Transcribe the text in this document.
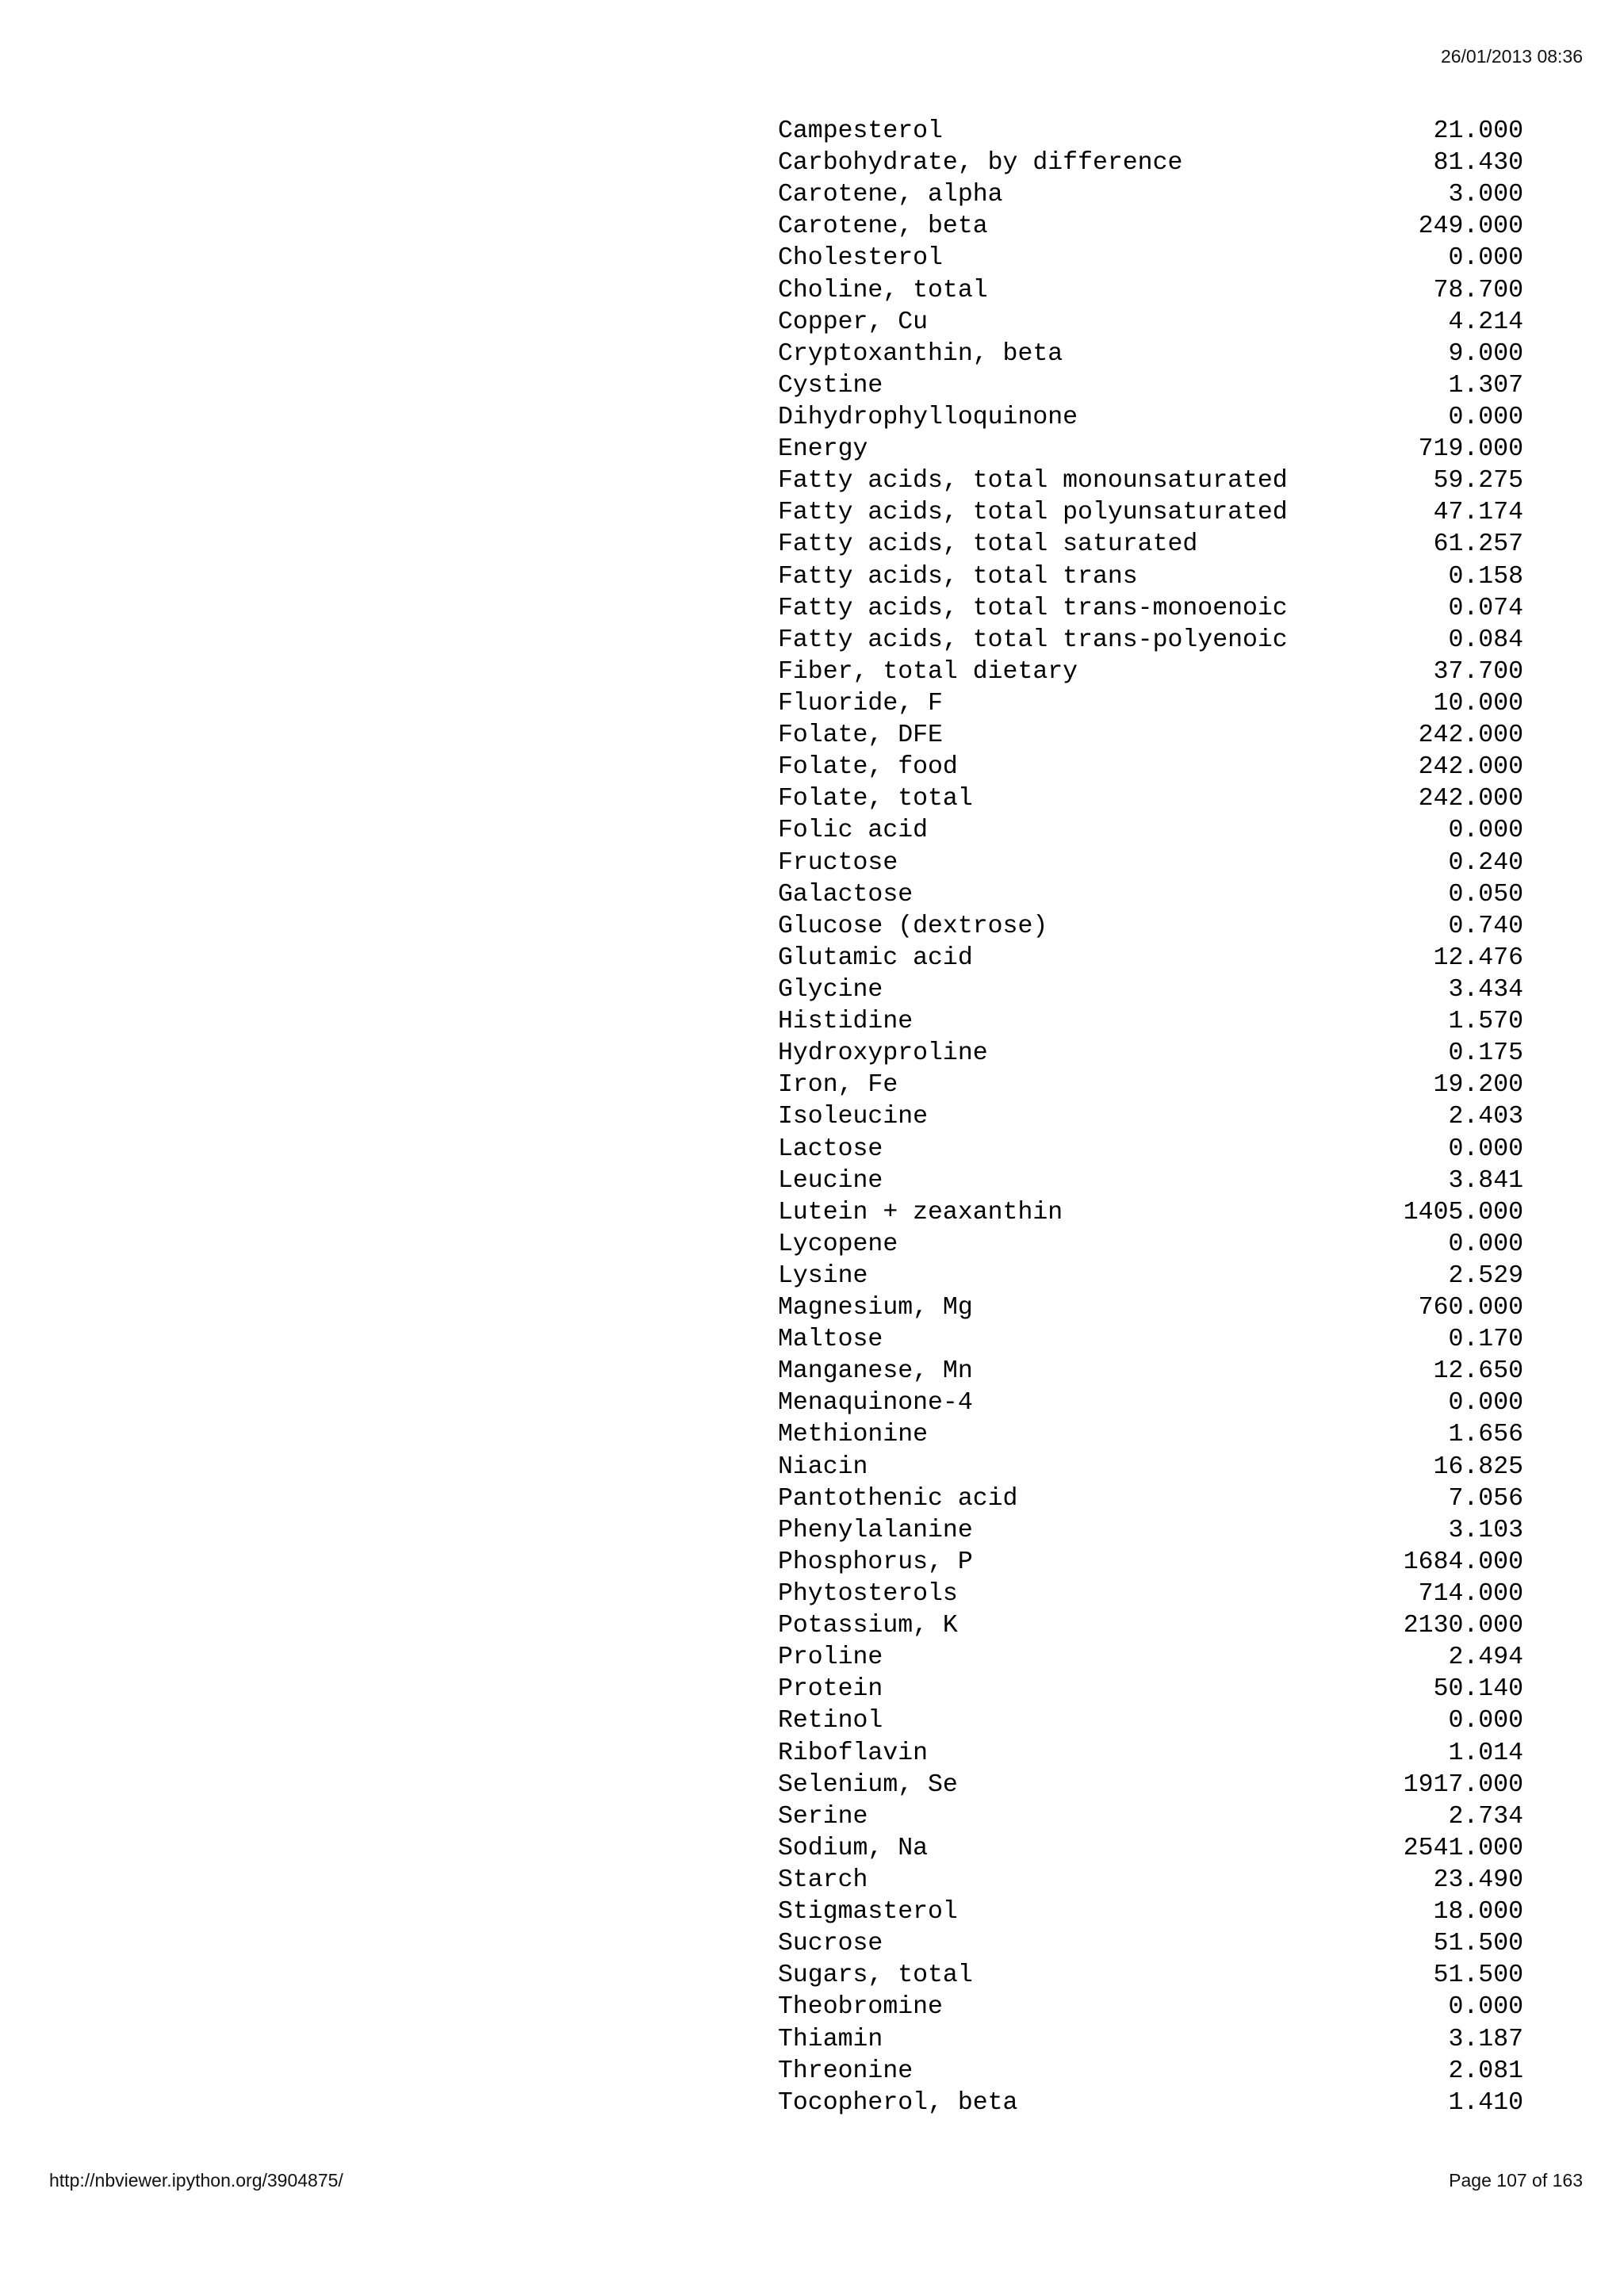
26/01/2013 08:36
Campesterol	21.000
Carbohydrate, by difference	81.430
Carotene, alpha	3.000
Carotene, beta	249.000
Cholesterol	0.000
Choline, total	78.700
Copper, Cu	4.214
Cryptoxanthin, beta	9.000
Cystine	1.307
Dihydrophylloquinone	0.000
Energy	719.000
Fatty acids, total monounsaturated	59.275
Fatty acids, total polyunsaturated	47.174
Fatty acids, total saturated	61.257
Fatty acids, total trans	0.158
Fatty acids, total trans-monoenoic	0.074
Fatty acids, total trans-polyenoic	0.084
Fiber, total dietary	37.700
Fluoride, F	10.000
Folate, DFE	242.000
Folate, food	242.000
Folate, total	242.000
Folic acid	0.000
Fructose	0.240
Galactose	0.050
Glucose (dextrose)	0.740
Glutamic acid	12.476
Glycine	3.434
Histidine	1.570
Hydroxyproline	0.175
Iron, Fe	19.200
Isoleucine	2.403
Lactose	0.000
Leucine	3.841
Lutein + zeaxanthin	1405.000
Lycopene	0.000
Lysine	2.529
Magnesium, Mg	760.000
Maltose	0.170
Manganese, Mn	12.650
Menaquinone-4	0.000
Methionine	1.656
Niacin	16.825
Pantothenic acid	7.056
Phenylalanine	3.103
Phosphorus, P	1684.000
Phytosterols	714.000
Potassium, K	2130.000
Proline	2.494
Protein	50.140
Retinol	0.000
Riboflavin	1.014
Selenium, Se	1917.000
Serine	2.734
Sodium, Na	2541.000
Starch	23.490
Stigmasterol	18.000
Sucrose	51.500
Sugars, total	51.500
Theobromine	0.000
Thiamin	3.187
Threonine	2.081
Tocopherol, beta	1.410
http://nbviewer.ipython.org/3904875/	Page 107 of 163
